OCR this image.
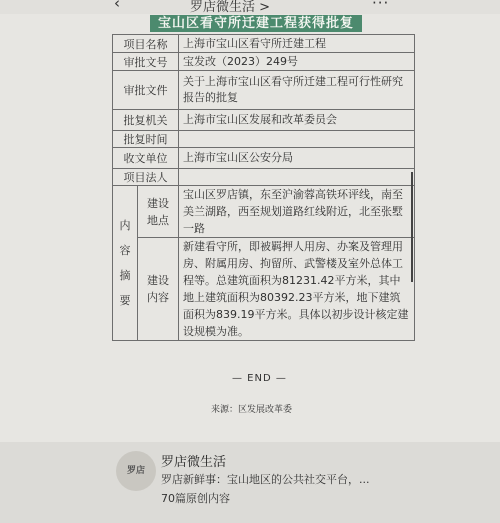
‹	罗店微生活 >	···
宝山区看守所迁建工程获得批复
项目名称		上海市宝山区看守所迁建工程
审批文号		宝发改（2023）249号
审批文件		关于上海市宝山区看守所迁建工程可行性研究报告的批复
批复机关		上海市宝山区发展和改革委员会
批复时间		
收文单位		上海市宝山区公安分局
项目法人		
内容摘要	建设地点	宝山区罗店镇，东至沪渝蓉高铁环评线，南至美兰湖路，西至规划道路红线附近，北至张墅一路
	建设内容	新建看守所，即被羁押人用房、办案及管理用房、附属用房、拘留所、武警楼及室外总体工程等。总建筑面积为81231.42平方米，其中地上建筑面积为80392.23平方米，地下建筑面积为839.19平方米。具体以初步设计核定建设规模为准。
— END —
来源：区发展改革委
罗店
罗店微生活
罗店新鲜事：宝山地区的公共社交平台，...
70篇原创内容
